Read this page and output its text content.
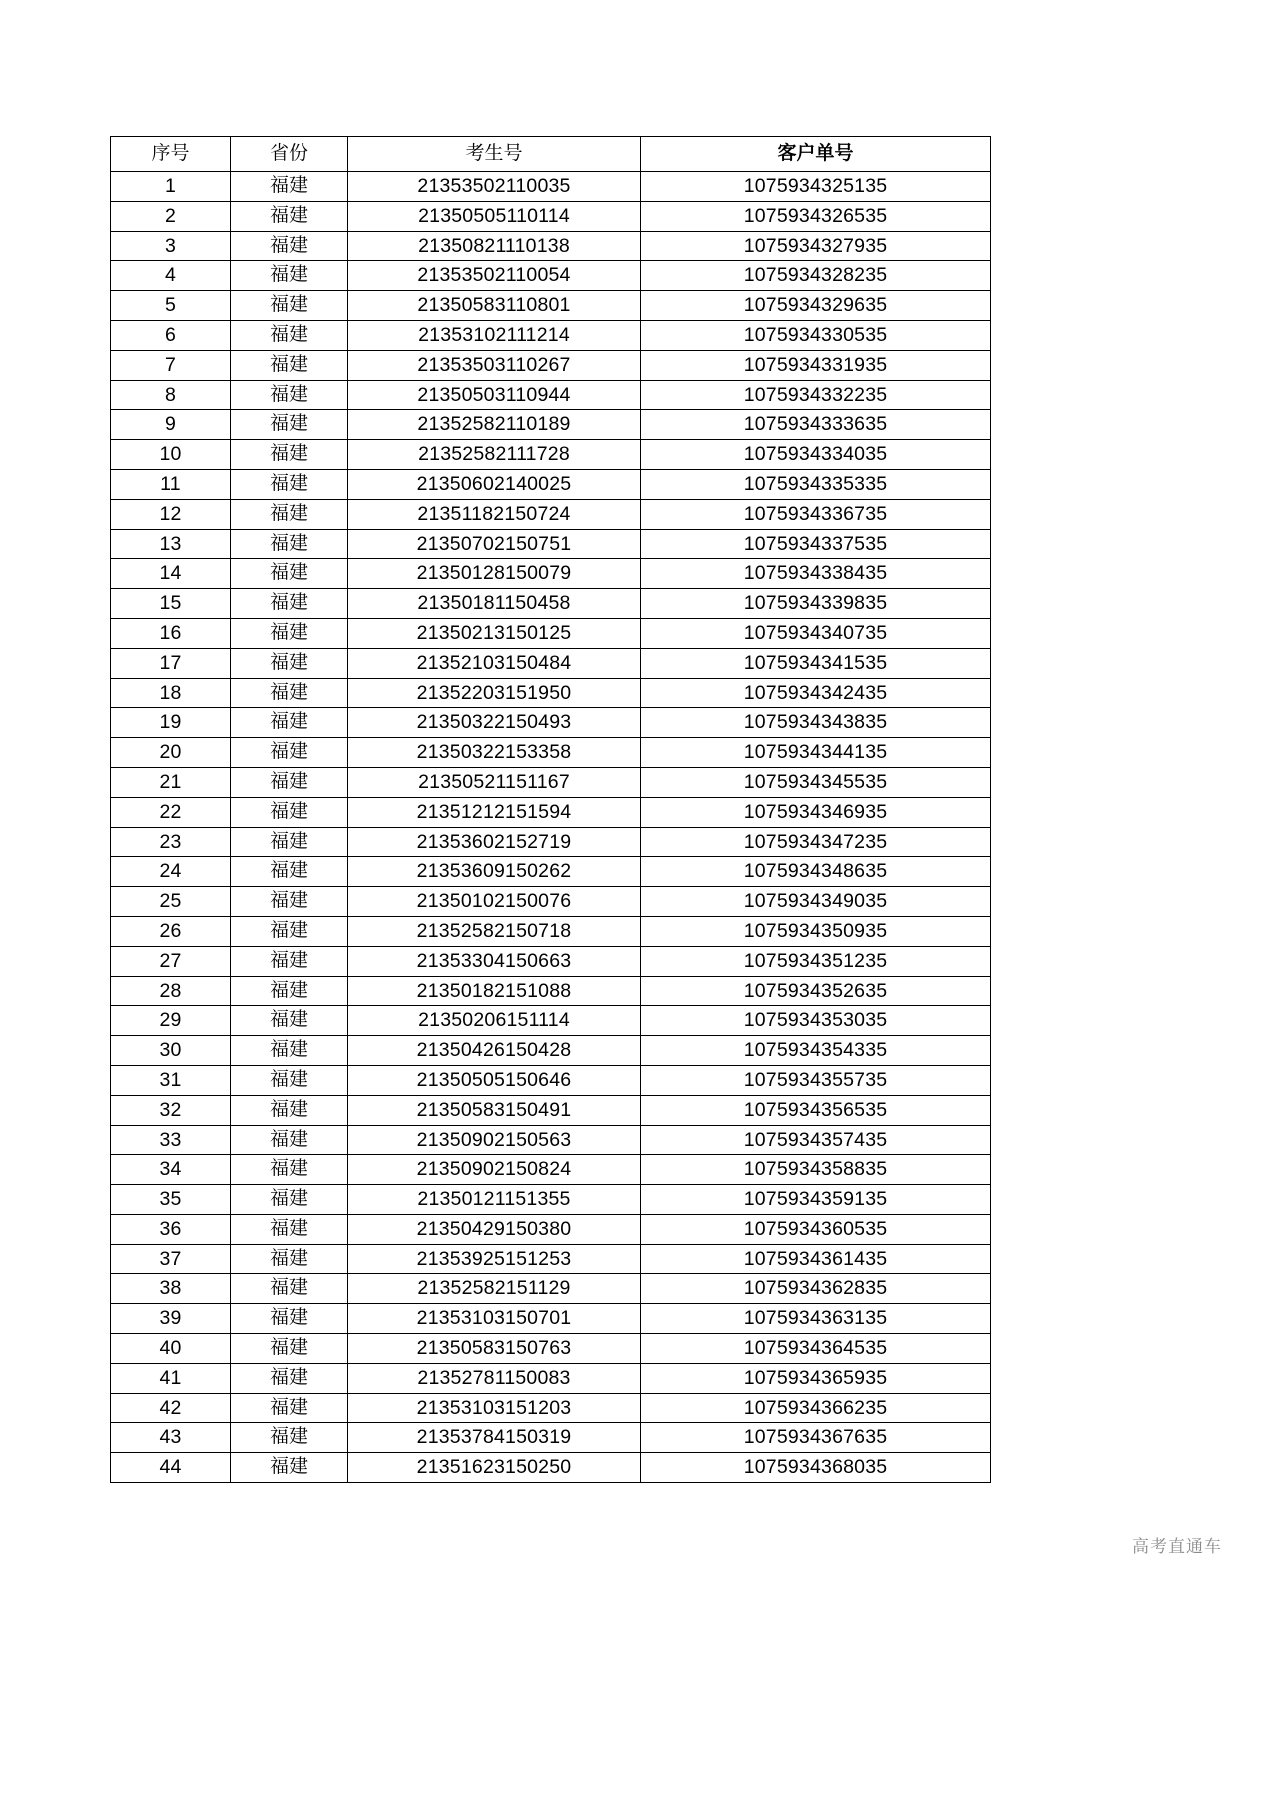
序号	省份	考生号	客户单号
1	福建	21353502110035	1075934325135
2	福建	21350505110114	1075934326535
3	福建	21350821110138	1075934327935
4	福建	21353502110054	1075934328235
5	福建	21350583110801	1075934329635
6	福建	21353102111214	1075934330535
7	福建	21353503110267	1075934331935
8	福建	21350503110944	1075934332235
9	福建	21352582110189	1075934333635
10	福建	21352582111728	1075934334035
11	福建	21350602140025	1075934335335
12	福建	21351182150724	1075934336735
13	福建	21350702150751	1075934337535
14	福建	21350128150079	1075934338435
15	福建	21350181150458	1075934339835
16	福建	21350213150125	1075934340735
17	福建	21352103150484	1075934341535
18	福建	21352203151950	1075934342435
19	福建	21350322150493	1075934343835
20	福建	21350322153358	1075934344135
21	福建	21350521151167	1075934345535
22	福建	21351212151594	1075934346935
23	福建	21353602152719	1075934347235
24	福建	21353609150262	1075934348635
25	福建	21350102150076	1075934349035
26	福建	21352582150718	1075934350935
27	福建	21353304150663	1075934351235
28	福建	21350182151088	1075934352635
29	福建	21350206151114	1075934353035
30	福建	21350426150428	1075934354335
31	福建	21350505150646	1075934355735
32	福建	21350583150491	1075934356535
33	福建	21350902150563	1075934357435
34	福建	21350902150824	1075934358835
35	福建	21350121151355	1075934359135
36	福建	21350429150380	1075934360535
37	福建	21353925151253	1075934361435
38	福建	21352582151129	1075934362835
39	福建	21353103150701	1075934363135
40	福建	21350583150763	1075934364535
41	福建	21352781150083	1075934365935
42	福建	21353103151203	1075934366235
43	福建	21353784150319	1075934367635
44	福建	21351623150250	1075934368035
高考直通车
